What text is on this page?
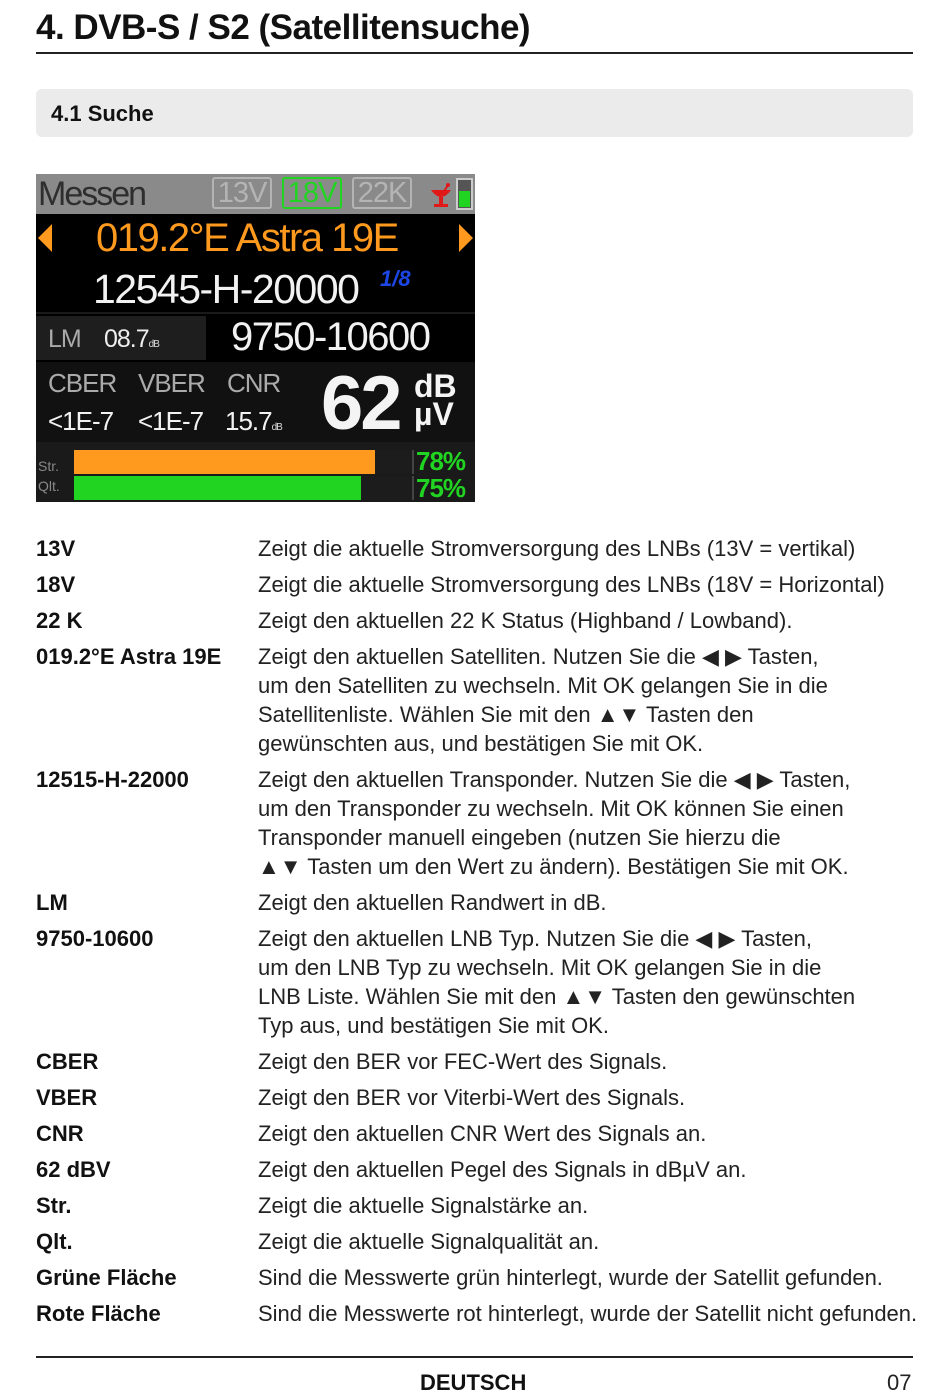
4. DVB-S / S2 (Satellitensuche)
4.1 Suche
Messen	13V 18V 22K
019.2°E Astra 19E
12545-H-20000 1/8
9750-10600
LM 08.7dB
CBER VBER CNR
<1E-7 <1E-7 15.7dB 62 dB
µV
Str.	78%
Qlt.	75%
13V	Zeigt die aktuelle Stromversorgung des LNBs (13V = vertikal)
18V	Zeigt die aktuelle Stromversorgung des LNBs (18V = Horizontal)
22 K	Zeigt den aktuellen 22 K Status (Highband / Lowband).
019.2°E Astra 19E	Zeigt den aktuellen Satelliten. Nutzen Sie die ◀ ▶ Tasten,
um den Satelliten zu wechseln. Mit OK gelangen Sie in die
Satellitenliste. Wählen Sie mit den ▲▼ Tasten den
gewünschten aus, und bestätigen Sie mit OK.
12515-H-22000	Zeigt den aktuellen Transponder. Nutzen Sie die ◀ ▶ Tasten,
um den Transponder zu wechseln. Mit OK können Sie einen
Transponder manuell eingeben (nutzen Sie hierzu die
▲▼ Tasten um den Wert zu ändern). Bestätigen Sie mit OK.
LM	Zeigt den aktuellen Randwert in dB.
9750-10600	Zeigt den aktuellen LNB Typ. Nutzen Sie die ◀ ▶ Tasten,
um den LNB Typ zu wechseln. Mit OK gelangen Sie in die
LNB Liste. Wählen Sie mit den ▲▼ Tasten den gewünschten
Typ aus, und bestätigen Sie mit OK.
CBER	Zeigt den BER vor FEC-Wert des Signals.
VBER	Zeigt den BER vor Viterbi-Wert des Signals.
CNR	Zeigt den aktuellen CNR Wert des Signals an.
62 dBV	Zeigt den aktuellen Pegel des Signals in dBµV an.
Str.	Zeigt die aktuelle Signalstärke an.
Qlt.	Zeigt die aktuelle Signalqualität an.
Grüne Fläche	Sind die Messwerte grün hinterlegt, wurde der Satellit gefunden.
Rote Fläche	Sind die Messwerte rot hinterlegt, wurde der Satellit nicht gefunden.
DEUTSCH	07
